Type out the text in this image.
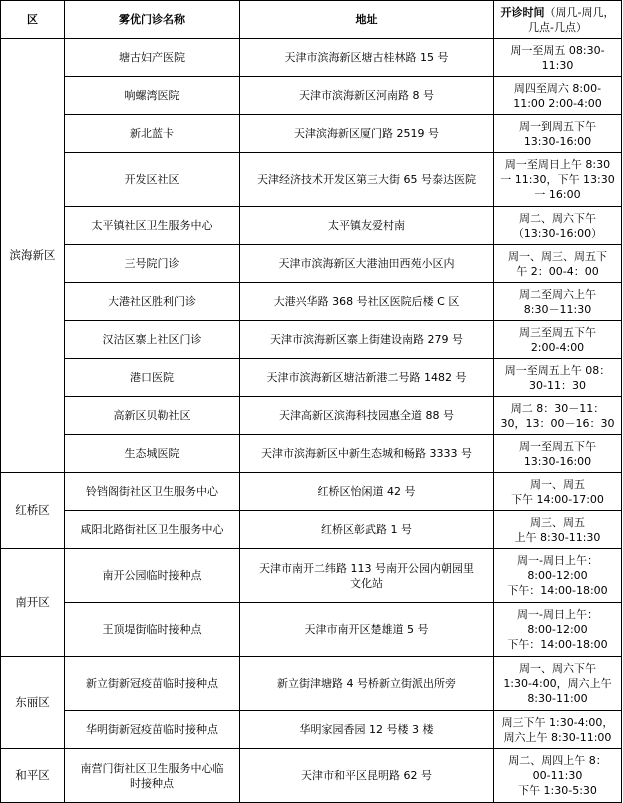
区	雾优门诊名称	地址	开诊时间（周几-周几，几点-几点）
滨海新区	塘古妇产医院	天津市滨海新区塘古桂林路 15 号	周一至周五 08:30-
11:30
	响螺湾医院	天津市滨海新区河南路 8 号	周四至周六 8:00-
11:00 2:00-4:00
	新北蓝卡	天津滨海新区厦门路 2519 号	周一到周五下午
13:30-16:00
	开发区社区	天津经济技术开发区第三大街 65 号泰达医院	周一至周日上午 8:30
一 11:30，下午 13:30
一 16:00
	太平镇社区卫生服务中心	太平镇友爱村南	周二、周六下午
（13:30-16:00）
	三号院门诊	天津市滨海新区大港油田西苑小区内	周一、周三、周五下
午 2：00-4：00
	大港社区胜利门诊	大港兴华路 368 号社区医院后楼 C 区	周二至周六上午
8:30－11:30
	汉沽区寨上社区门诊	天津市滨海新区寨上街建设南路 279 号	周三至周五下午
2:00-4:00
	港口医院	天津市滨海新区塘沽新港二号路 1482 号	周一至周五上午 08：
30-11：30
	高新区贝勒社区	天津高新区滨海科技园惠全道 88 号	周二 8：30－11：
30，13：00－16：30
	生态城医院	天津市滨海新区中新生态城和畅路 3333 号	周一至周五下午
13:30-16:00
红桥区	铃铛阁街社区卫生服务中心	红桥区怡闲道 42 号	周一、周五
下午 14:00-17:00
	咸阳北路街社区卫生服务中心	红桥区彰武路 1 号	周三、周五
上午 8:30-11:30
南开区	南开公园临时接种点	天津市南开二纬路 113 号南开公园内朝园里
文化站	周一-周日上午：
8:00-12:00
下午：14:00-18:00
	王顶堤街临时接种点	天津市南开区楚雄道 5 号	周一-周日上午：
8:00-12:00
下午：14:00-18:00
东丽区	新立街新冠疫苗临时接种点	新立街津塘路 4 号桥新立街派出所旁	周一、周六下午
1:30-4:00，周六上午
8:30-11:00
	华明街新冠疫苗临时接种点	华明家园香园 12 号楼 3 楼	周三下午 1:30-4:00，
周六上午 8:30-11:00
和平区	南营门街社区卫生服务中心临
时接种点	天津市和平区昆明路 62 号	周二、周四上午 8：
00-11:30
下午 1:30-5:30
